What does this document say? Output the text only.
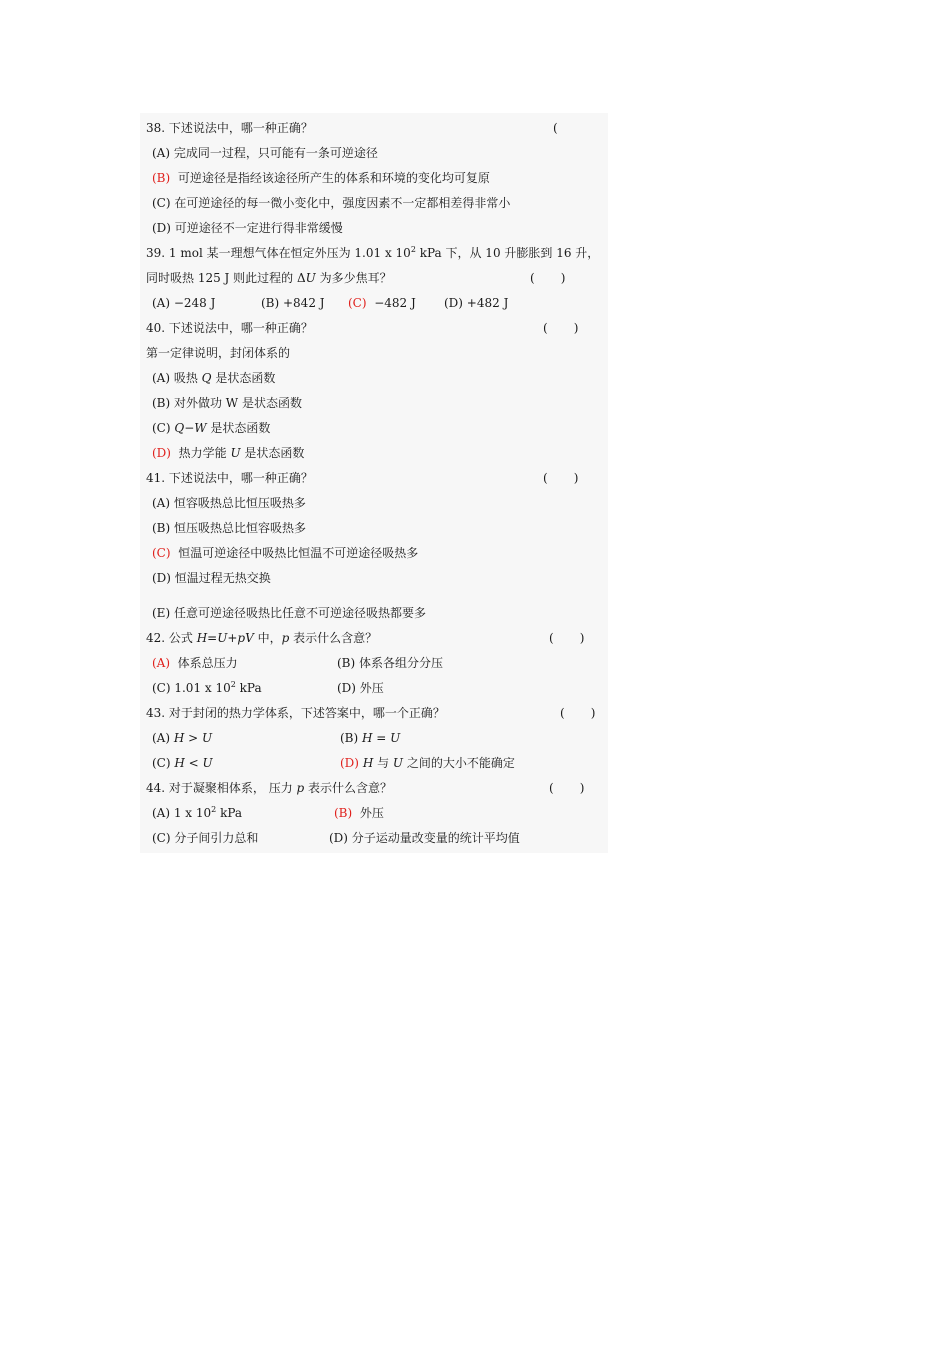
38. 下述说法中，哪一种正确？	(
(A) 完成同一过程，只可能有一条可逆途径
(B) 可逆途径是指经该途径所产生的体系和环境的变化均可复原
(C) 在可逆途径的每一微小变化中，强度因素不一定都相差得非常小
(D) 可逆途径不一定进行得非常缓慢
39. 1 mol 某一理想气体在恒定外压为 1.01 x $10^2$ kPa 下，从 10 升膨胀到 16 升，
同时吸热 125 J 则此过程的 ΔU 为多少焦耳？	( )
(A) −248 J	(B) +842 J (C) −482 J (D) +482 J
40. 下述说法中，哪一种正确？	( )
第一定律说明，封闭体系的
(A) 吸热 Q 是状态函数
(B) 对外做功 W 是状态函数
(C) Q−W 是状态函数
(D) 热力学能 U 是状态函数
41. 下述说法中，哪一种正确？	( )
(A) 恒容吸热总比恒压吸热多
(B) 恒压吸热总比恒容吸热多
(C) 恒温可逆途径中吸热比恒温不可逆途径吸热多
(D) 恒温过程无热交换
(E) 任意可逆途径吸热比任意不可逆途径吸热都要多
42. 公式 H=U+pV 中，p 表示什么含意？	( )
(A) 体系总压力	(B) 体系各组分分压
(C) 1.01 x $10^2$ kPa	(D) 外压
43. 对于封闭的热力学体系，下述答案中，哪一个正确？	( )
(A) H > U	(B) H = U
(C) H < U	(D) H 与 U 之间的大小不能确定
44. 对于凝聚相体系， 压力 p 表示什么含意？	( )
(A) 1 x $10^2$ kPa	(B) 外压
(C) 分子间引力总和	(D) 分子运动量改变量的统计平均值
